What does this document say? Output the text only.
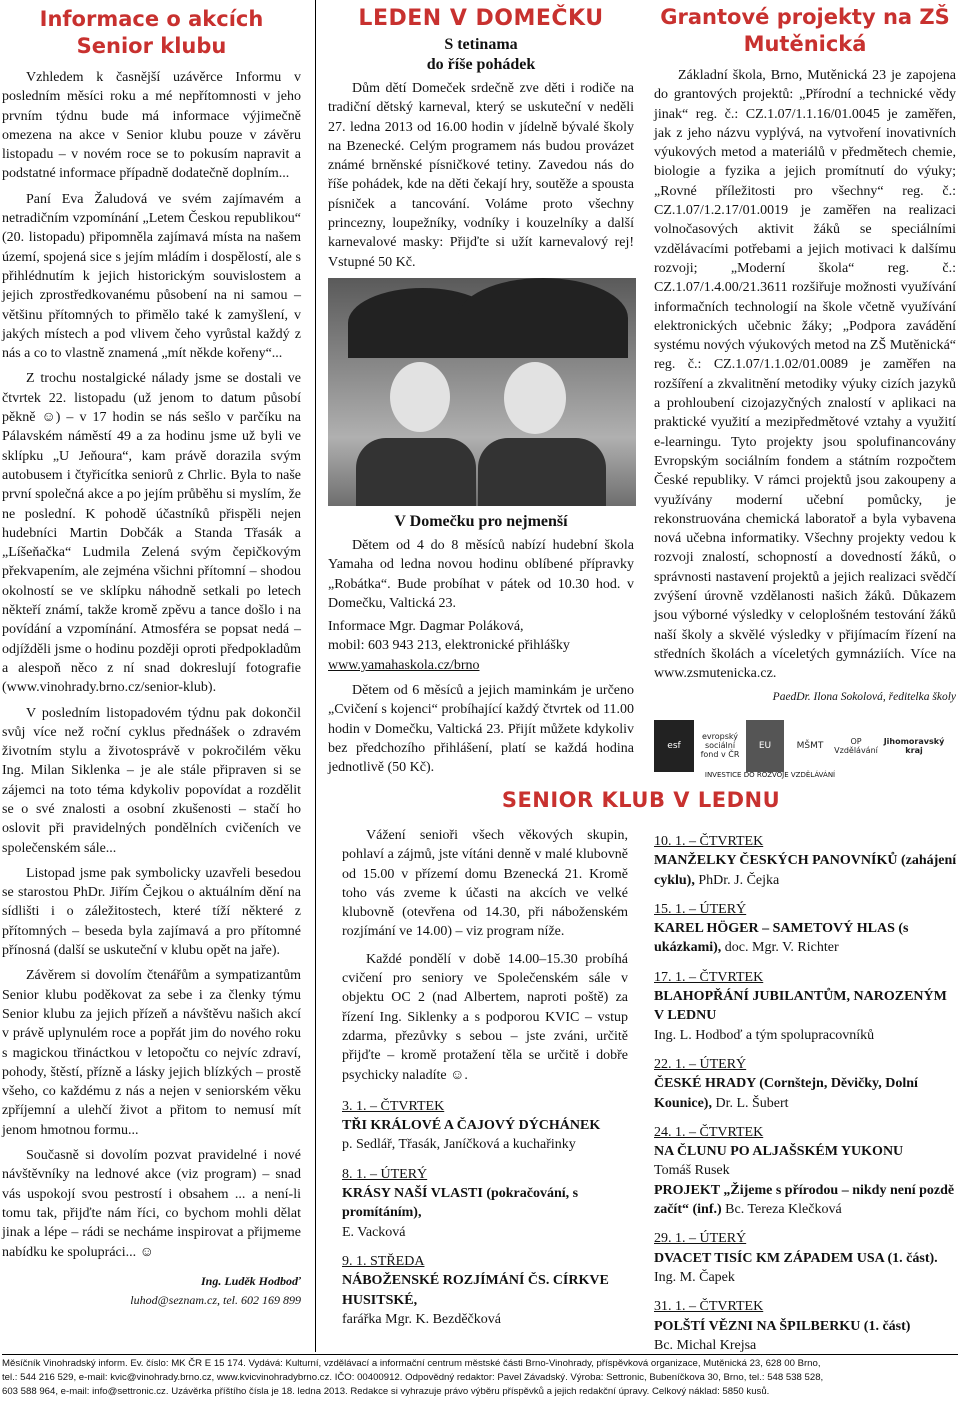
Informace o akcích Senior klubu

Vzhledem k časnější uzávěrce Informu v posledním měsíci roku a mé nepřítomnosti v jeho prvním týdnu bude má informace výjimečně omezena na akce v Senior klubu pouze v závěru listopadu – v novém roce se to pokusím napravit a podstatné informace případně dodatečně doplním...

Paní Eva Žaludová ve svém zajímavém a netradičním vzpomínání „Letem Českou republikou“ (20. listopadu) připomněla zajímavá místa na našem území, spojená sice s jejím mládím i dospělostí, ale s přihlédnutím k jejich historickým souvislostem a jejich zprostředkovanému působení na ni samou – většinu přítomných to přimělo také k zamyšlení, v jakých místech a pod vlivem čeho vyrůstal každý z nás a co to vlastně znamená „mít někde kořeny“...

Z trochu nostalgické nálady jsme se dostali ve čtvrtek 22. listopadu (už jenom to datum působí pěkně ☺) – v 17 hodin se nás sešlo v parčíku na Pálavském náměstí 49 a za hodinu jsme už byli ve sklípku „U Jeňoura“, kam právě dorazila svým autobusem i čtyřicítka seniorů z Chrlic. Byla to naše první společná akce a po jejím průběhu si myslím, že ne poslední. K pohodě účastníků přispěli nejen hudebníci Martin Dobčák a Standa Třasák a „Líšeňačka“ Ludmila Zelená svým čepičkovým překvapením, ale zejména všichni přítomní – shodou okolností se ve sklípku náhodně setkali po letech někteří známí, takže kromě zpěvu a tance došlo i na povídání a vzpomínání. Atmosféra se popsat nedá – odjížděli jsme o hodinu později oproti předpokladům a alespoň něco z ní snad dokreslují fotografie (www.vinohrady.brno.cz/senior-klub).

V posledním listopadovém týdnu pak dokončil svůj více než roční cyklus přednášek o zdravém životním stylu a životosprávě v pokročilém věku Ing. Milan Siklenka – je ale stále připraven si se zájemci na toto téma kdykoliv popovídat a rozdělit se o své znalosti a osobní zkušenosti – stačí ho oslovit při pravidelných pondělních cvičeních ve společenském sále...

Listopad jsme pak symbolicky uzavřeli besedou se starostou PhDr. Jiřím Čejkou o aktuálním dění na sídlišti i o záležitostech, které tíží některé z přítomných – beseda byla zajímavá a pro přítomné přínosná (další se uskuteční v klubu opět na jaře).

Závěrem si dovolím čtenářům a sympatizantům Senior klubu poděkovat za sebe i za členky týmu Senior klubu za jejich přízeň a návštěvu našich akcí v právě uplynulém roce a popřát jim do nového roku s magickou třináctkou v letopočtu co nejvíc zdraví, pohody, štěstí, přízně a lásky jejich blízkých – prostě všeho, co každému z nás a nejen v seniorském věku zpříjemní a ulehčí život a přitom to nemusí mít jenom hmotnou formu...

Současně si dovolím pozvat pravidelné i nové návštěvníky na lednové akce (viz program) – snad vás uspokojí svou pestrostí i obsahem ... a není-li tomu tak, přijďte nám říci, co bychom mohli dělat jinak a lépe – rádi se necháme inspirovat a přijmeme nabídku ke spolupráci... ☺

Ing. Luděk Hodboď

luhod@seznam.cz, tel. 602 169 899

LEDEN V DOMEČKU
S tetinama
do říše pohádek

Dům dětí Domeček srdečně zve děti i rodiče na tradiční dětský karneval, který se uskuteční v neděli 27. ledna 2013 od 16.00 hodin v jídelně bývalé školy na Bzenecké. Celým programem nás budou provázet známé brněnské písničkové tetiny. Zavedou nás do říše pohádek, kde na děti čekají hry, soutěže a spousta písniček a tancování. Voláme proto všechny princezny, loupežníky, vodníky i kouzelníky a další karnevalové masky: Přijďte si užít karnevalový rej! Vstupné 50 Kč.

V Domečku pro nejmenší

Dětem od 4 do 8 měsíců nabízí hudební škola Yamaha od ledna novou hodinu oblíbené přípravky „Robátka“. Bude probíhat v pátek od 10.30 hod. v Domečku, Valtická 23.

Informace Mgr. Dagmar Poláková,

mobil: 603 943 213, elektronické přihlášky

www.yamahaskola.cz/brno

Dětem od 6 měsíců a jejich maminkám je určeno „Cvičení s kojenci“ probíhající každý čtvrtek od 11.00 hodin v Domečku, Valtická 23. Přijít můžete kdykoliv bez předchozího přihlášení, platí se každá hodina jednotlivě (50 Kč).

Grantové projekty na ZŠ Mutěnická

Základní škola, Brno, Mutěnická 23 je zapojena do grantových projektů: „Přírodní a technické vědy jinak“ reg. č.: CZ.1.07/1.1.16/01.0045 je zaměřen, jak z jeho názvu vyplývá, na vytvoření inovativních výukových metod a materiálů v předmětech chemie, biologie a fyzika a jejich promítnutí do výuky; „Rovné příležitosti pro všechny“ reg. č.: CZ.1.07/1.2.17/01.0019 je zaměřen na realizaci volnočasových aktivit žáků se speciálními vzdělávacími potřebami a jejich motivaci k dalšímu rozvoji; „Moderní škola“ reg. č.: CZ.1.07/1.4.00/21.3611 rozšiřuje možnosti využívání informačních technologií na škole včetně využívání elektronických učebnic žáky; „Podpora zavádění systému nových výukových metod na ZŠ Mutěnická“ reg. č.: CZ.1.07/1.1.02/01.0089 je zaměřen na rozšíření a zkvalitnění metodiky výuky cizích jazyků a prohloubení cizojazyčných znalostí v aplikaci na praktické využití a mezipředmětové vztahy a využití e-learningu. Tyto projekty jsou spolufinancovány Evropským sociálním fondem a státním rozpočtem České republiky. V rámci projektů jsou zakoupeny a využívány moderní učební pomůcky, je rekonstruována chemická laboratoř a byla vybavena nová učebna informatiky. Všechny projekty vedou k rozvoji znalostí, schopností a dovedností žáků, o správnosti nastavení projektů a jejich realizaci svědčí zvýšení úrovně vzdělanosti našich žáků. Důkazem jsou výborné výsledky v celoplošném testování žáků naší školy a skvělé výsledky v přijímacím řízení na středních školách a víceletých gymnáziích. Více na www.zsmutenicka.cz.

PaedDr. Ilona Sokolová, ředitelka školy

esf
evropský sociální fond v ČR
EU	MŠMT	OP Vzdělávání
Jihomoravský kraj
INVESTICE DO ROZVOJE VZDĚLÁVÁNÍ
SENIOR KLUB V LEDNU

Vážení senioři všech věkových skupin, pohlaví a zájmů, jste vítáni denně v malé klubovně od 15.00 v přízemí domu Bzenecká 21. Kromě toho vás zveme k účasti na akcích ve velké klubovně (otevřena od 14.30, při náboženském rozjímání ve 14.00) – viz program níže.

Každé pondělí v době 14.00–15.30 probíhá cvičení pro seniory ve Společenském sále v objektu OC 2 (nad Albertem, naproti poště) za řízení Ing. Siklenky a s podporou KVIC – vstup zdarma, přezůvky s sebou – jste zváni, určitě přijďte – kromě protažení těla se určitě i dobře psychicky naladíte ☺.

3. 1. – ČTVRTEK
TŘI KRÁLOVÉ A ČAJOVÝ DÝCHÁNEK
p. Sedlář, Třasák, Janíčková a kuchařinky
8. 1. – ÚTERÝ
KRÁSY NAŠÍ VLASTI (pokračování, s promítáním),
E. Vacková
9. 1. STŘEDA
NÁBOŽENSKÉ ROZJÍMÁNÍ ČS. CÍRKVE HUSITSKÉ,
farářka Mgr. K. Bezděčková
10. 1. – ČTVRTEK
MANŽELKY ČESKÝCH PANOVNÍKŮ (zahájení cyklu), PhDr. J. Čejka
15. 1. – ÚTERÝ
KAREL HÖGER – SAMETOVÝ HLAS (s ukázkami), doc. Mgr. V. Richter
17. 1. – ČTVRTEK
BLAHOPŘÁNÍ JUBILANTŮM, NAROZENÝM V LEDNU
Ing. L. Hodboď a tým spolupracovníků
22. 1. – ÚTERÝ
ČESKÉ HRADY (Cornštejn, Děvičky, Dolní Kounice), Dr. L. Šubert
24. 1. – ČTVRTEK
NA ČLUNU PO ALJAŠSKÉM YUKONU
Tomáš Rusek
PROJEKT „Žijeme s přírodou – nikdy není pozdě začít“ (inf.) Bc. Tereza Klečková
29. 1. – ÚTERÝ
DVACET TISÍC KM ZÁPADEM USA (1. část). Ing. M. Čapek
31. 1. – ČTVRTEK
POLŠTÍ VĚZNI NA ŠPILBERKU (1. část)
Bc. Michal Krejsa
Měsíčník Vinohradský inform. Ev. číslo: MK ČR E 15 174. Vydává: Kulturní, vzdělávací a informační centrum městské části Brno-Vinohrady, příspěvková organizace, Mutěnická 23, 628 00 Brno,
tel.: 544 216 529, e-mail: kvic@vinohrady.brno.cz, www.kvicvinohradybrno.cz. IČO: 00400912. Odpovědný redaktor: Pavel Závadský. Výroba: Settronic, Bubeníčkova 30, Brno, tel.: 548 538 528,
603 588 964, e-mail: info@settronic.cz. Uzávěrka příštího čísla je 18. ledna 2013. Redakce si vyhrazuje právo výběru příspěvků a jejich redakční úpravy. Celkový náklad: 5850 kusů.
